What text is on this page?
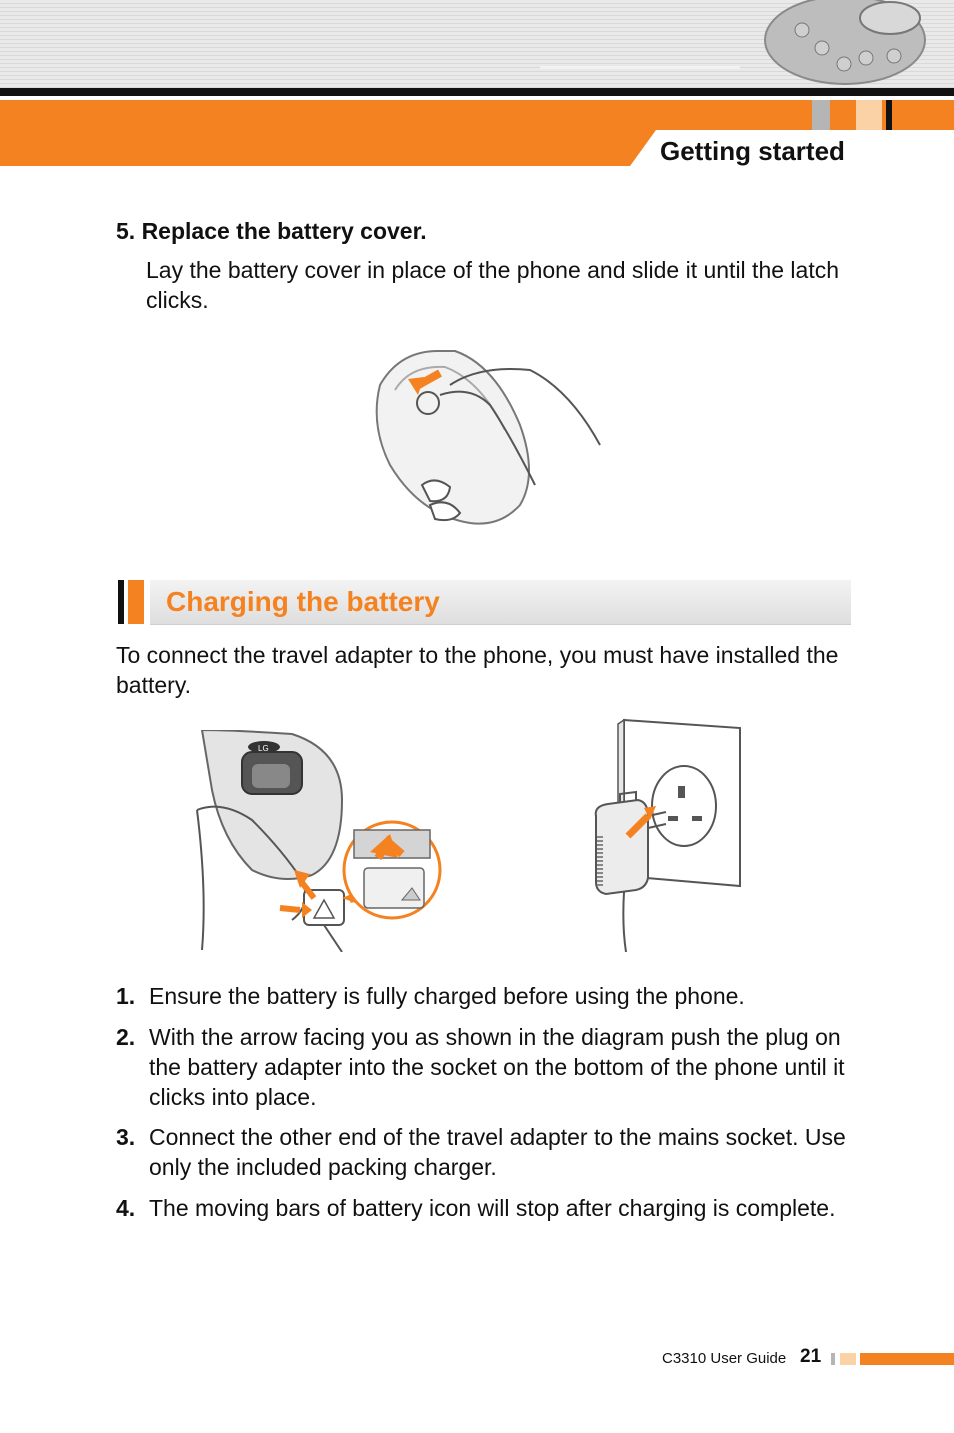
Getting started
5. Replace the battery cover.
Lay the battery cover in place of the phone and slide it until the latch clicks.
Charging the battery
To connect the travel adapter to the phone, you must have installed the battery.
LG
1. Ensure the battery is fully charged before using the phone.
2. With the arrow facing you as shown in the diagram push the plug on the battery adapter into the socket on the bottom of the phone until it clicks into place.
3. Connect the other end of the travel adapter to the mains socket. Use only the included packing charger.
4. The moving bars of battery icon will stop after charging is complete.
C3310 User Guide 21
